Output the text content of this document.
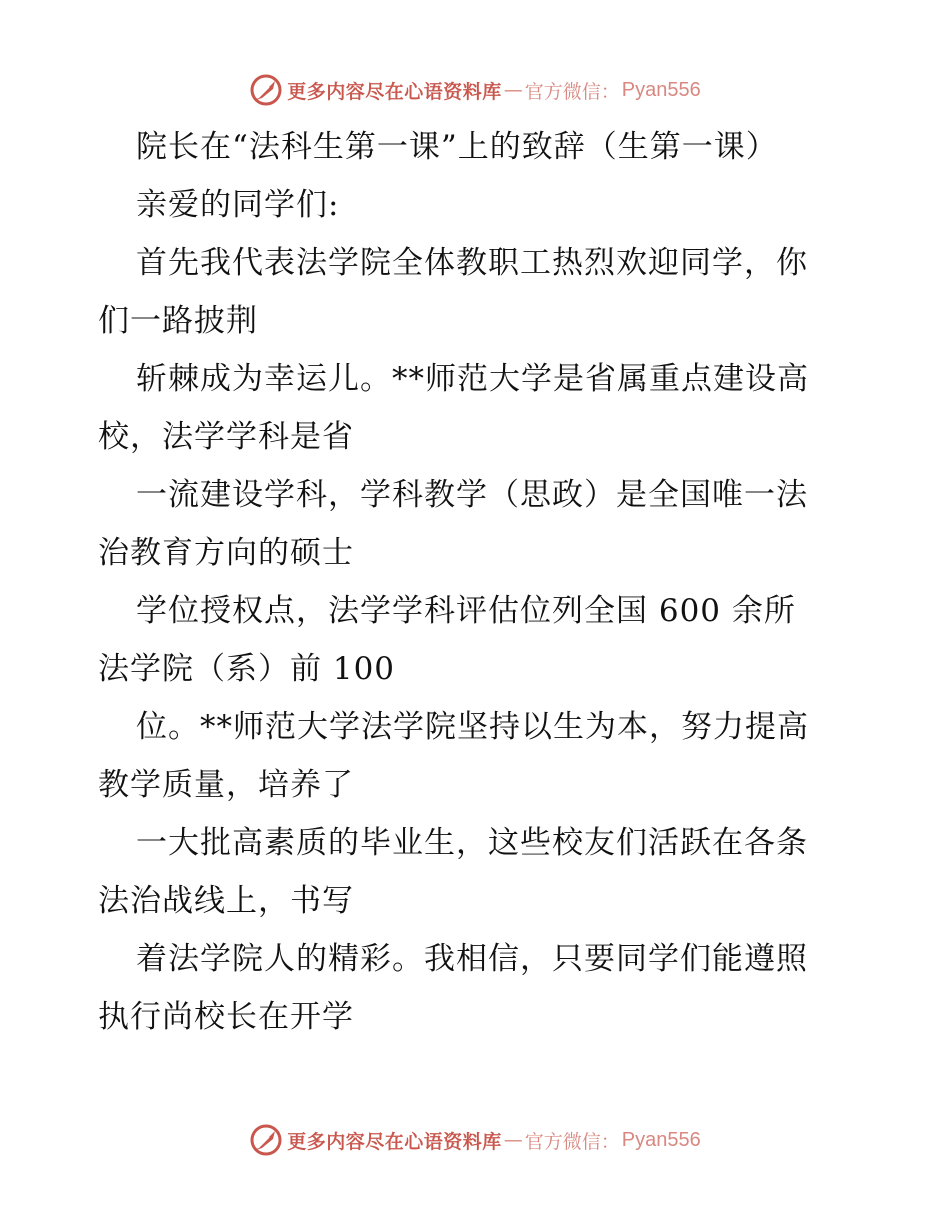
更多内容尽在心语资料库 — 官方微信： Pyan556
院长在“法科生第一课”上的致辞（生第一课）
亲爱的同学们:
首先我代表法学院全体教职工热烈欢迎同学，你
们一路披荆
斩棘成为幸运儿。**师范大学是省属重点建设高
校，法学学科是省
一流建设学科，学科教学（思政）是全国唯一法
治教育方向的硕士
学位授权点，法学学科评估位列全国 600 余所
法学院（系）前 100
位。**师范大学法学院坚持以生为本，努力提高
教学质量，培养了
一大批高素质的毕业生，这些校友们活跃在各条
法治战线上，书写
着法学院人的精彩。我相信，只要同学们能遵照
执行尚校长在开学
更多内容尽在心语资料库 — 官方微信： Pyan556
